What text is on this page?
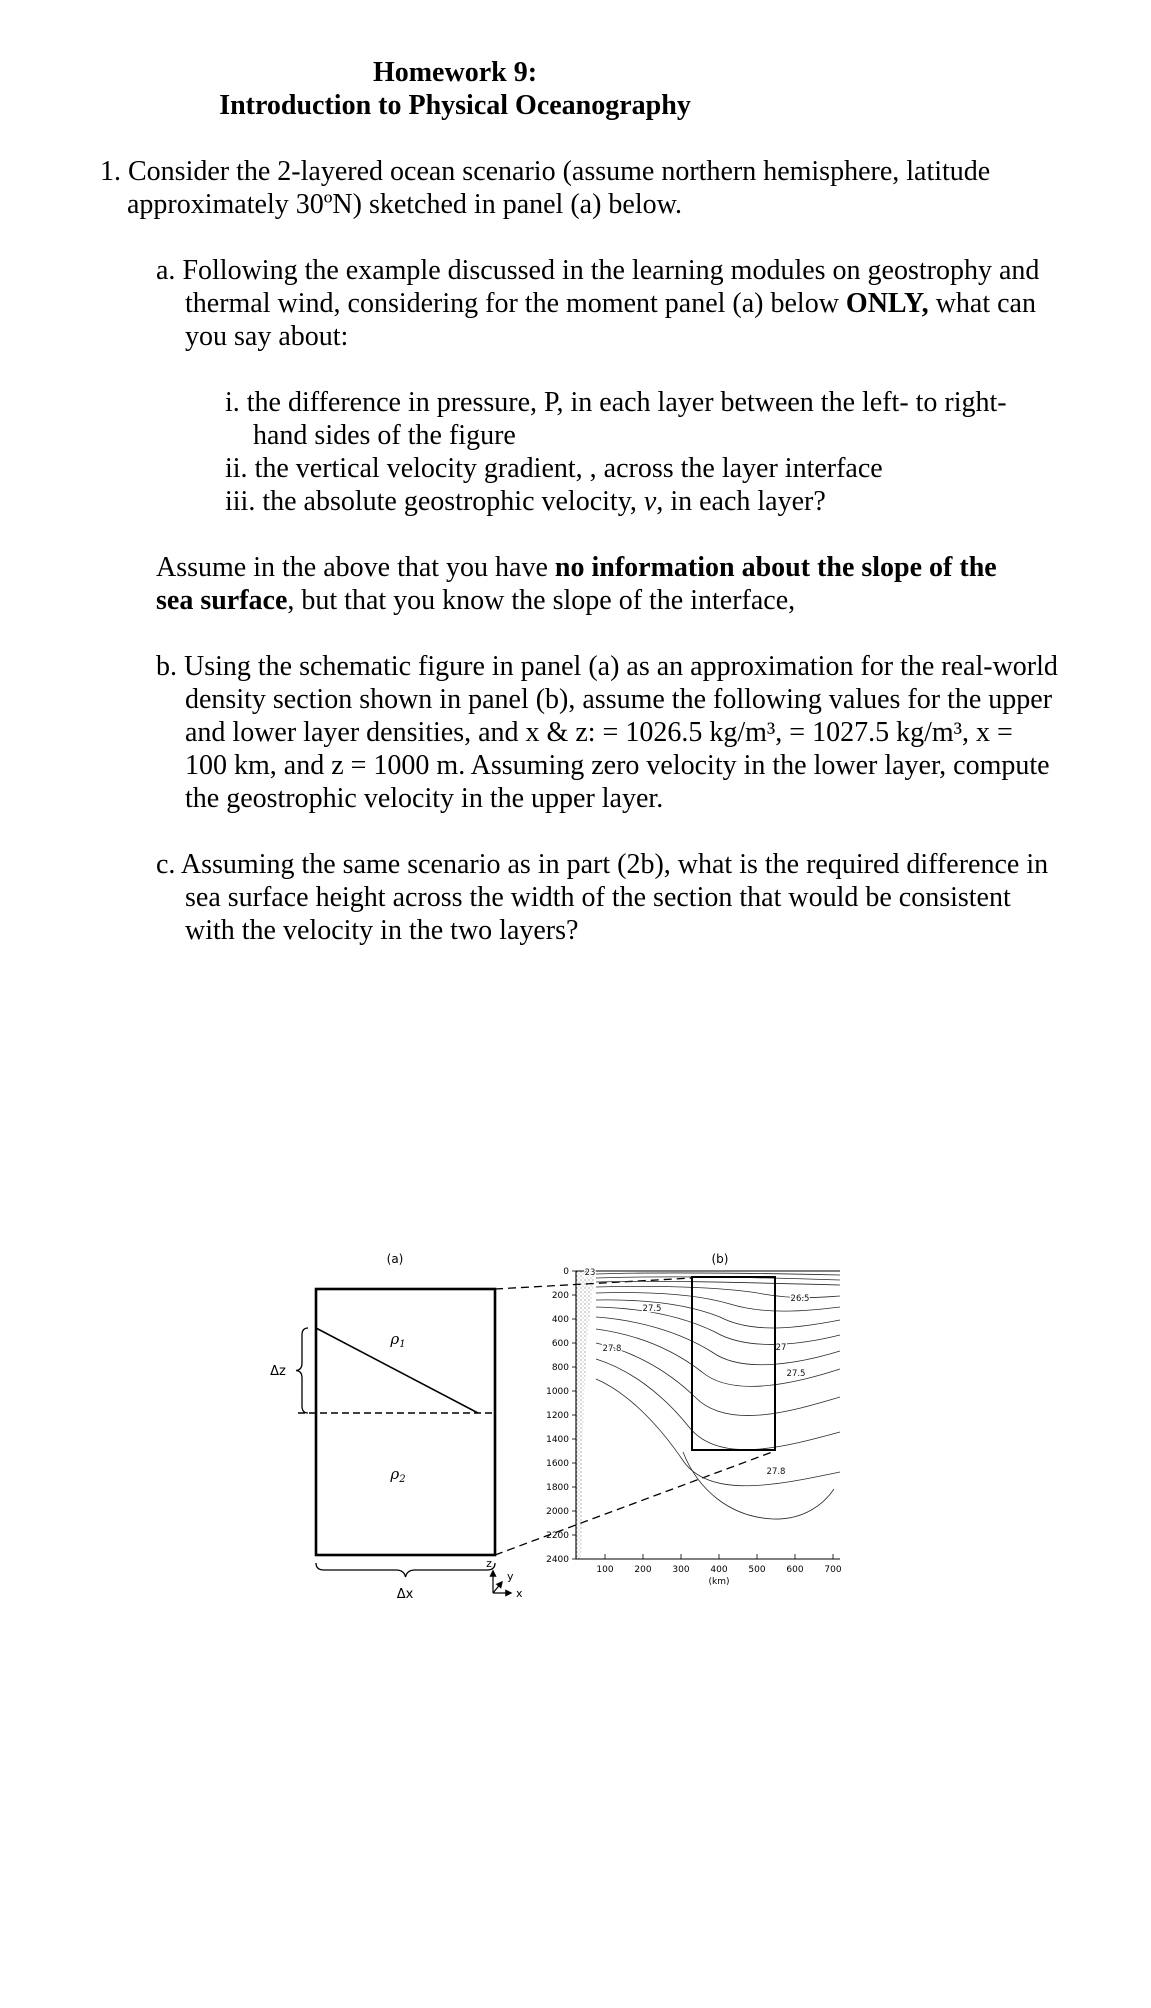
Homework 9:
Introduction to Physical Oceanography

1. Consider the 2-layered ocean scenario (assume northern hemisphere, latitude approximately 30ºN) sketched in panel (a) below.

a. Following the example discussed in the learning modules on geostrophy and thermal wind, considering for the moment panel (a) below ONLY, what can you say about:

i. the difference in pressure, P, in each layer between the left- to right-hand sides of the figure

ii. the vertical velocity gradient, , across the layer interface

iii. the absolute geostrophic velocity, v, in each layer?

Assume in the above that you have no information about the slope of the sea surface, but that you know the slope of the interface,

b. Using the schematic figure in panel (a) as an approximation for the real-world density section shown in panel (b), assume the following values for the upper and lower layer densities, and x & z: = 1026.5 kg/m³, = 1027.5 kg/m³, x = 100 km, and z = 1000 m. Assuming zero velocity in the lower layer, compute the geostrophic velocity in the upper layer.

c. Assuming the same scenario as in part (2b), what is the required difference in sea surface height across the width of the section that would be consistent with the velocity in the two layers?

(a)
Δz
$\rho_1$
$\rho_2$
Δx
z
y
x
(b)
0
200
400
600
800
1000
1200
1400
1600
1800
2000
2200
2400
100 200 300 400 500 600 700
(km)
23
26.5
27.5
27.8	27
27.5
27.8
